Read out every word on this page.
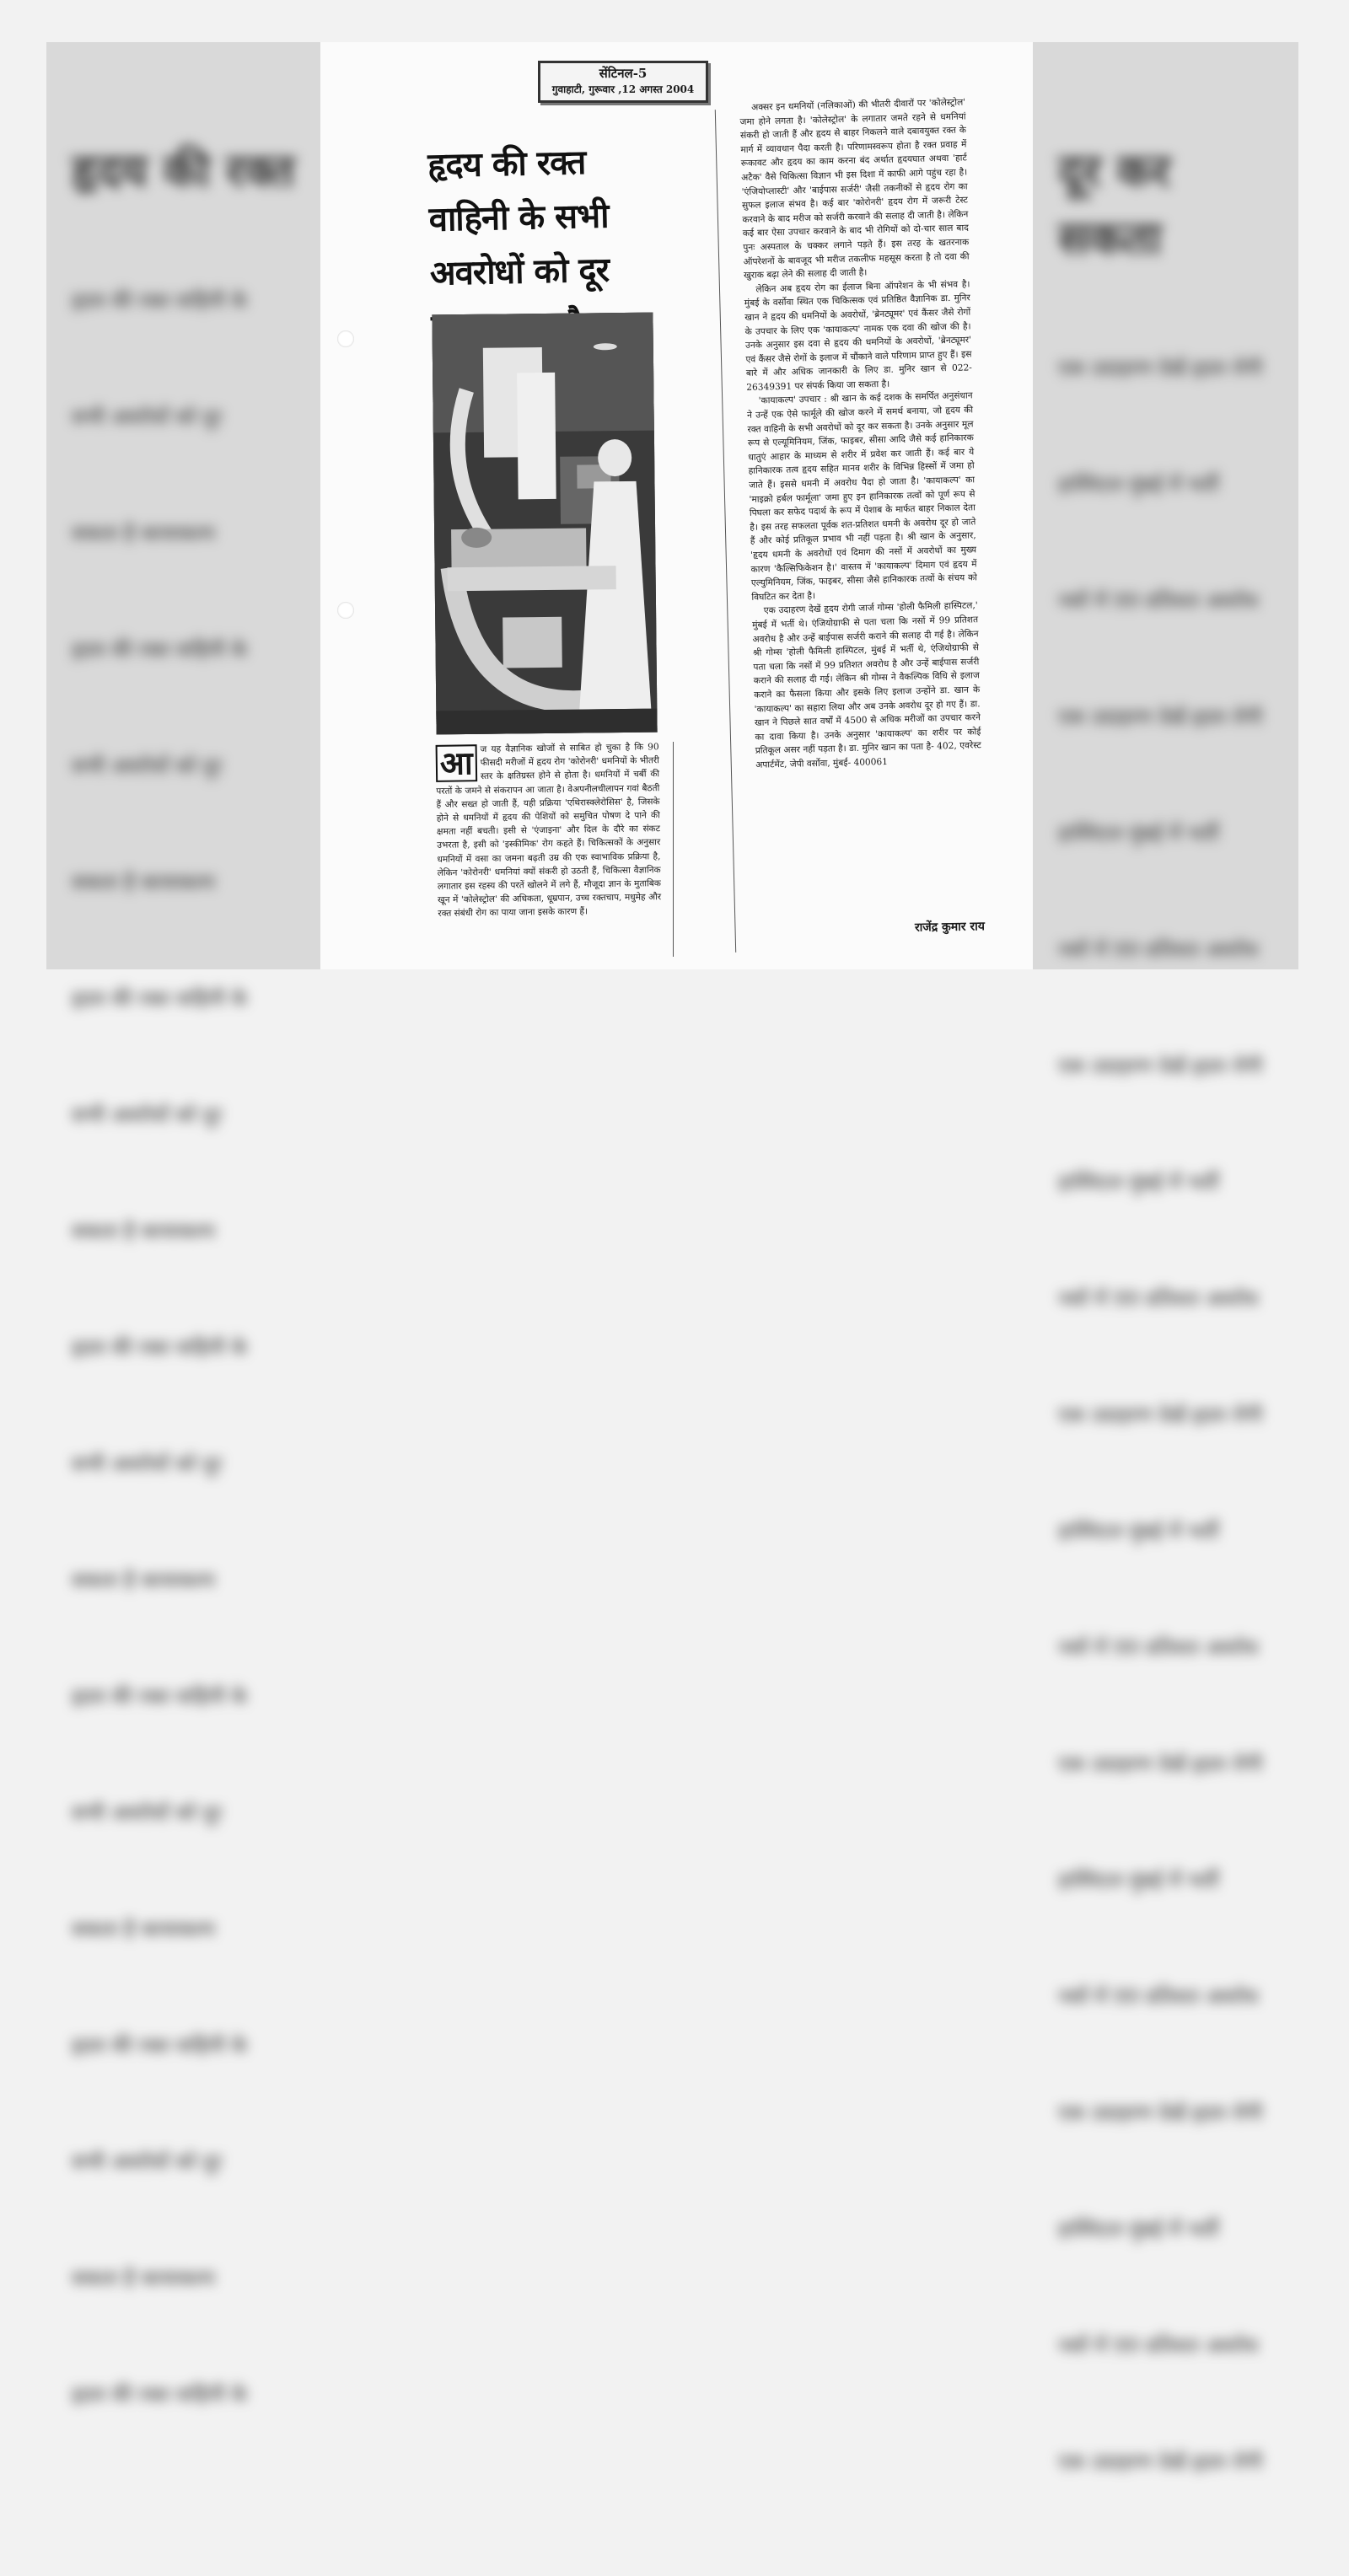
हृदय की रक्त

हृदय की रक्त वाहिनी के

सभी अवरोधों को दूर

सकता है कायाकल्प

हृदय की रक्त वाहिनी के

सभी अवरोधों को दूर

सकता है कायाकल्प

हृदय की रक्त वाहिनी के

सभी अवरोधों को दूर

सकता है कायाकल्प

हृदय की रक्त वाहिनी के

सभी अवरोधों को दूर

सकता है कायाकल्प

हृदय की रक्त वाहिनी के

सभी अवरोधों को दूर

सकता है कायाकल्प

हृदय की रक्त वाहिनी के

सभी अवरोधों को दूर

सकता है कायाकल्प

हृदय की रक्त वाहिनी के

दूर कर सकता

एक उदाहरण देखें हृदय रोगी

हास्पिटल मुंबई में भर्ती

नसों में 99 प्रतिशत अवरोध

एक उदाहरण देखें हृदय रोगी

हास्पिटल मुंबई में भर्ती

नसों में 99 प्रतिशत अवरोध

एक उदाहरण देखें हृदय रोगी

हास्पिटल मुंबई में भर्ती

नसों में 99 प्रतिशत अवरोध

एक उदाहरण देखें हृदय रोगी

हास्पिटल मुंबई में भर्ती

नसों में 99 प्रतिशत अवरोध

एक उदाहरण देखें हृदय रोगी

हास्पिटल मुंबई में भर्ती

नसों में 99 प्रतिशत अवरोध

एक उदाहरण देखें हृदय रोगी

हास्पिटल मुंबई में भर्ती

नसों में 99 प्रतिशत अवरोध

एक उदाहरण देखें हृदय रोगी

सेंटिनल-5
गुवाहाटी, गुरूवार ,12 अगस्त 2004
हृदय की रक्त वाहिनी के सभी अवरोधों को दूर
आ ज यह वैज्ञानिक खोजों से साबित हो चुका है कि 90 फीसदी मरीजों में हृदय रोग 'कोरोनरी' धमनियों के भीतरी स्तर के क्षतिग्रस्त होने से होता है। धमनियों में चर्बी की परतों के जमने से संकरापन आ जाता है। वेअपनीलचीलापन गवां बैठती हैं और सख्त हो जाती हैं, यही प्रक्रिया 'एथिरास्क्लेरोसिस' है, जिसके होने से धमनियों में हृदय की पेशियों को समुचित पोषण दे पाने की क्षमता नहीं बचती। इसी से 'एंजाइना' और दिल के दौरे का संकट उभरता है, इसी को 'इस्कीमिक' रोग कहते हैं। चिकित्सकों के अनुसार धमनियों में वसा का जमना बढ़ती उम्र की एक स्वाभाविक प्रक्रिया है, लेकिन 'कोरोनरी' धमनियां क्यों संकरी हो उठती हैं, चिकित्सा वैज्ञानिक लगातार इस रहस्य की परतें खोलने में लगे हैं, मौजूदा ज्ञान के मुताबिक खून में 'कोलेस्ट्रोल' की अधिकता, धूम्रपान, उच्च रक्तचाप, मधुमेह और रक्त संबंधी रोग का पाया जाना इसके कारण हैं।

अक्सर इन धमनियों (नलिकाओं) की भीतरी दीवारों पर 'कोलेस्ट्रोल' जमा होने लगता है। 'कोलेस्ट्रोल' के लगातार जमते रहने से धमनियां संकरी हो जाती हैं और हृदय से बाहर निकलने वाले दबावयुक्त रक्त के मार्ग में व्यावधान पैदा करती है। परिणामस्वरूप होता है रक्त प्रवाह में रूकावट और हृदय का काम करना बंद अर्थात हृदयघात अथवा 'हार्ट अटैक' वैसे चिकित्सा विज्ञान भी इस दिशा में काफी आगे पहुंच रहा है। 'एंजियोप्लास्टी' और 'बाईपास सर्जरी' जैसी तकनीकों से हृदय रोग का सुफल इलाज संभव है। कई बार 'कोरोनरी' हृदय रोग में जरूरी टेस्ट करवाने के बाद मरीज को सर्जरी करवाने की सलाह दी जाती है। लेकिन कई बार ऐसा उपचार करवाने के बाद भी रोगियों को दो-चार साल बाद पुनः अस्पताल के चक्कर लगाने पड़ते हैं। इस तरह के खतरनाक ऑपरेशनों के बावजूद भी मरीज तकलीफ महसूस करता है तो दवा की खुराक बढ़ा लेने की सलाह दी जाती है।

लेकिन अब हृदय रोग का ईलाज बिना ऑपरेशन के भी संभव है। मुंबई के वर्सोवा स्थित एक चिकित्सक एवं प्रतिष्ठित वैज्ञानिक डा. मुनिर खान ने हृदय की धमनियों के अवरोधों, 'ब्रेनट्यूमर' एवं कैंसर जैसे रोगों के उपचार के लिए एक 'कायाकल्प' नामक एक दवा की खोज की है। उनके अनुसार इस दवा से हृदय की धमनियों के अवरोधों, 'ब्रेनट्यूमर' एवं कैंसर जैसे रोगों के इलाज में चौंकाने वाले परिणाम प्राप्त हुए हैं। इस बारे में और अधिक जानकारी के लिए डा. मुनिर खान से 022-26349391 पर संपर्क किया जा सकता है।

'कायाकल्प' उपचार : श्री खान के कई दशक के समर्पित अनुसंधान ने उन्हें एक ऐसे फार्मूले की खोज करने में समर्थ बनाया, जो हृदय की रक्त वाहिनी के सभी अवरोधों को दूर कर सकता है। उनके अनुसार मूल रूप से एल्यूमिनियम, जिंक, फाइबर, सीसा आदि जैसे कई हानिकारक धातुएं आहार के माध्यम से शरीर में प्रवेश कर जाती हैं। कई बार ये हानिकारक तत्व हृदय सहित मानव शरीर के विभिन्न हिस्सों में जमा हो जाते हैं। इससे धमनी में अवरोध पैदा हो जाता है। 'कायाकल्प' का 'माइक्रो हर्बल फार्मूला' जमा हुए इन हानिकारक तत्वों को पूर्ण रूप से पिघला कर सफेद पदार्थ के रूप में पेशाब के मार्फत बाहर निकाल देता है। इस तरह सफलता पूर्वक शत-प्रतिशत धमनी के अवरोध दूर हो जाते हैं और कोई प्रतिकूल प्रभाव भी नहीं पड़ता है। श्री खान के अनुसार, 'हृदय धमनी के अवरोधों एवं दिमाग की नसों में अवरोधों का मुख्य कारण 'कैल्सिफिकेशन है।' वास्तव में 'कायाकल्प' दिमाग एवं हृदय में एल्युमिनियम, जिंक, फाइबर, सीसा जैसे हानिकारक तत्वों के संचय को विघटित कर देता है।

एक उदाहरण देखें हृदय रोगी जार्ज गोम्स 'होली फैमिली हास्पिटल,' मुंबई में भर्ती थे। एंजियोग्राफी से पता चला कि नसों में 99 प्रतिशत अवरोध है और उन्हें बाईपास सर्जरी कराने की सलाह दी गई है। लेकिन श्री गोम्स 'होली फैमिली हास्पिटल, मुंबई में भर्ती थे, एंजियोग्राफी से पता चला कि नसों में 99 प्रतिशत अवरोध है और उन्हें बाईपास सर्जरी कराने की सलाह दी गई। लेकिन श्री गोम्स ने वैकल्पिक विधि से इलाज कराने का फैसला किया और इसके लिए इलाज उन्होंने डा. खान के 'कायाकल्प' का सहारा लिया और अब उनके अवरोध दूर हो गए हैं। डा. खान ने पिछले सात वर्षों में 4500 से अधिक मरीजों का उपचार करने का दावा किया है। उनके अनुसार 'कायाकल्प' का शरीर पर कोई प्रतिकूल असर नहीं पड़ता है। डा. मुनिर खान का पता है- 402, एवरेस्ट अपार्टमेंट, जेपी वर्सोवा, मुंबई- 400061

राजेंद्र कुमार राय
